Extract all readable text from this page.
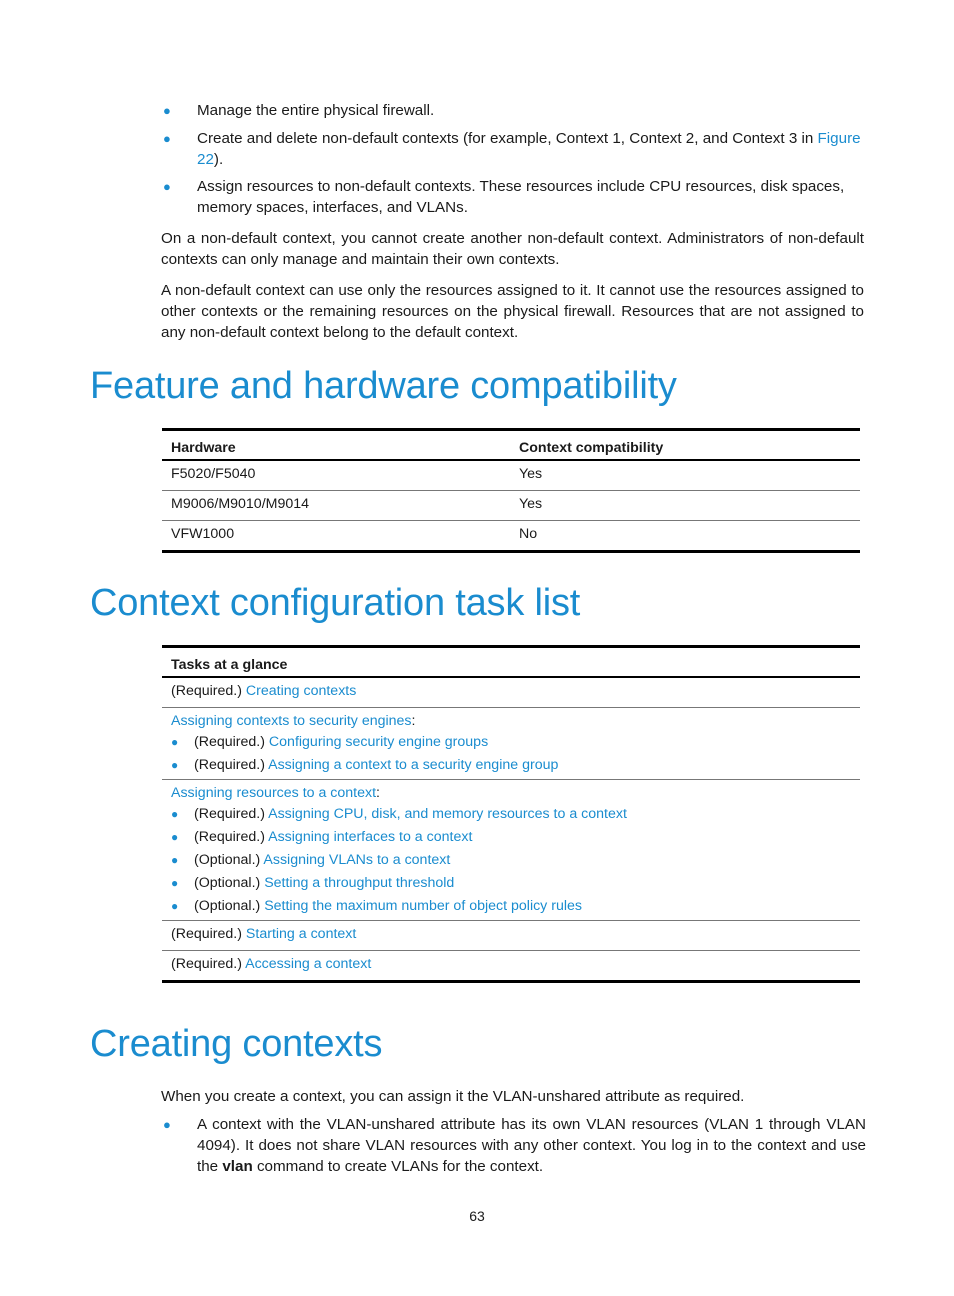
● Manage the entire physical firewall.
● Create and delete non-default contexts (for example, Context 1, Context 2, and Context 3 in Figure 22).
● Assign resources to non-default contexts. These resources include CPU resources, disk spaces, memory spaces, interfaces, and VLANs.

On a non-default context, you cannot create another non-default context. Administrators of non-default contexts can only manage and maintain their own contexts.

A non-default context can use only the resources assigned to it. It cannot use the resources assigned to other contexts or the remaining resources on the physical firewall. Resources that are not assigned to any non-default context belong to the default context.

Feature and hardware compatibility
Hardware	Context compatibility
F5020/F5040	Yes
M9006/M9010/M9014	Yes
VFW1000	No
Context configuration task list
Tasks at a glance
(Required.) Creating contexts
Assigning contexts to security engines:
● (Required.) Configuring security engine groups
● (Required.) Assigning a context to a security engine group

Assigning resources to a context:
● (Required.) Assigning CPU, disk, and memory resources to a context
● (Required.) Assigning interfaces to a context
● (Optional.) Assigning VLANs to a context
● (Optional.) Setting a throughput threshold
● (Optional.) Setting the maximum number of object policy rules

(Required.) Starting a context
(Required.) Accessing a context
Creating contexts

When you create a context, you can assign it the VLAN-unshared attribute as required.

● A context with the VLAN-unshared attribute has its own VLAN resources (VLAN 1 through VLAN 4094). It does not share VLAN resources with any other context. You log in to the context and use the vlan command to create VLANs for the context.
63
